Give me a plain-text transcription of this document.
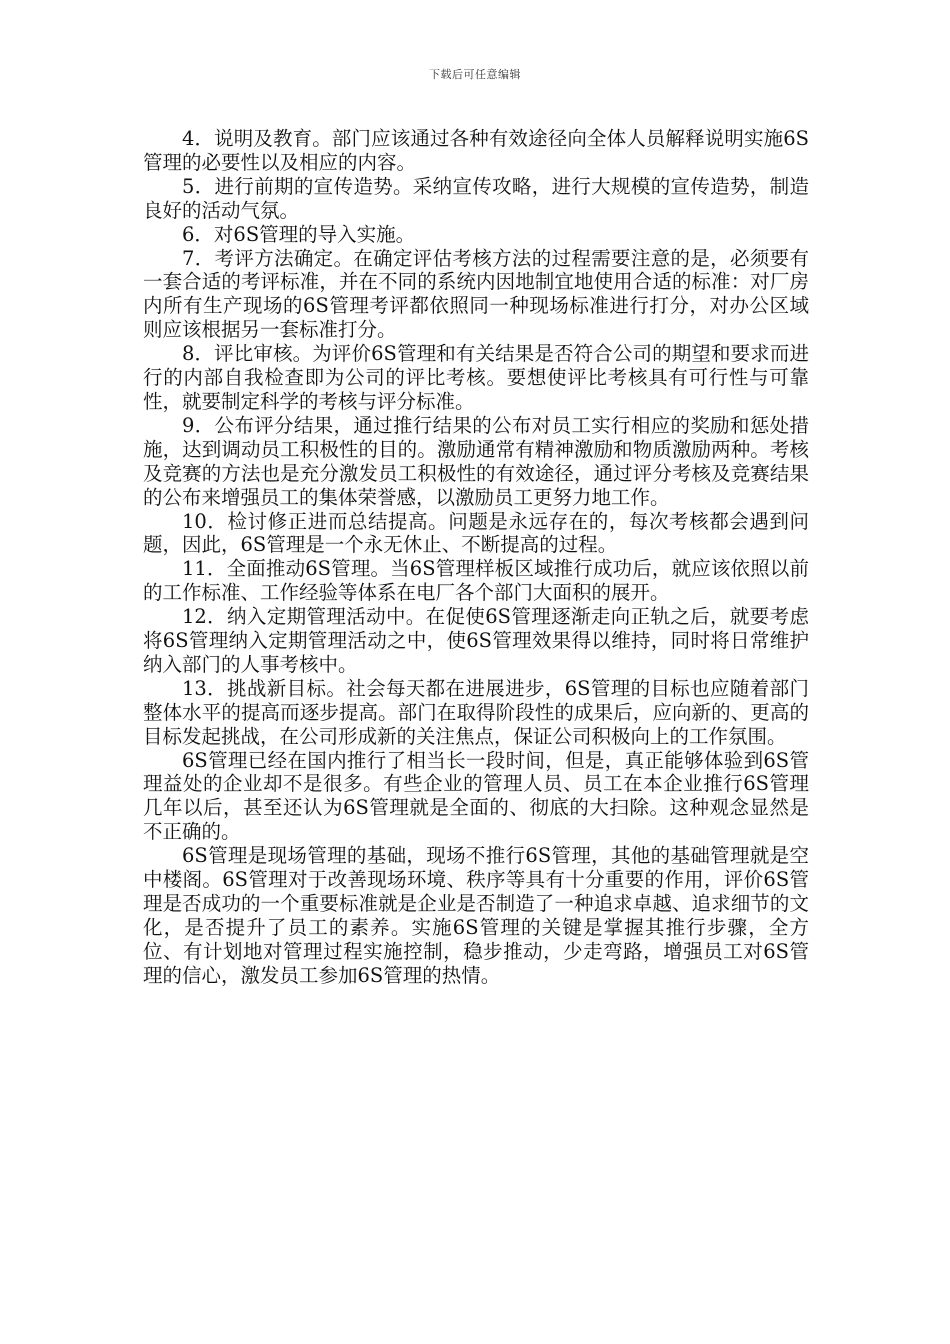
下载后可任意编辑

4．说明及教育。部门应该通过各种有效途径向全体人员解释说明实施6S管理的必要性以及相应的内容。

5．进行前期的宣传造势。采纳宣传攻略，进行大规模的宣传造势，制造良好的活动气氛。

6．对6S管理的导入实施。

7．考评方法确定。在确定评估考核方法的过程需要注意的是，必须要有一套合适的考评标准，并在不同的系统内因地制宜地使用合适的标准：对厂房内所有生产现场的6S管理考评都依照同一种现场标准进行打分，对办公区域则应该根据另一套标准打分。

8．评比审核。为评价6S管理和有关结果是否符合公司的期望和要求而进行的内部自我检查即为公司的评比考核。要想使评比考核具有可行性与可靠性，就要制定科学的考核与评分标准。

9．公布评分结果，通过推行结果的公布对员工实行相应的奖励和惩处措施，达到调动员工积极性的目的。激励通常有精神激励和物质激励两种。考核及竞赛的方法也是充分激发员工积极性的有效途径，通过评分考核及竞赛结果的公布来增强员工的集体荣誉感，以激励员工更努力地工作。

10．检讨修正进而总结提高。问题是永远存在的，每次考核都会遇到问题，因此，6S管理是一个永无休止、不断提高的过程。

11．全面推动6S管理。当6S管理样板区域推行成功后，就应该依照以前的工作标准、工作经验等体系在电厂各个部门大面积的展开。

12．纳入定期管理活动中。在促使6S管理逐渐走向正轨之后，就要考虑将6S管理纳入定期管理活动之中，使6S管理效果得以维持，同时将日常维护纳入部门的人事考核中。

13．挑战新目标。社会每天都在进展进步，6S管理的目标也应随着部门整体水平的提高而逐步提高。部门在取得阶段性的成果后，应向新的、更高的目标发起挑战，在公司形成新的关注焦点，保证公司积极向上的工作氛围。

6S管理已经在国内推行了相当长一段时间，但是，真正能够体验到6S管理益处的企业却不是很多。有些企业的管理人员、员工在本企业推行6S管理几年以后，甚至还认为6S管理就是全面的、彻底的大扫除。这种观念显然是不正确的。

6S管理是现场管理的基础，现场不推行6S管理，其他的基础管理就是空中楼阁。6S管理对于改善现场环境、秩序等具有十分重要的作用，评价6S管理是否成功的一个重要标准就是企业是否制造了一种追求卓越、追求细节的文化，是否提升了员工的素养。实施6S管理的关键是掌握其推行步骤，全方位、有计划地对管理过程实施控制，稳步推动，少走弯路，增强员工对6S管理的信心，激发员工参加6S管理的热情。
